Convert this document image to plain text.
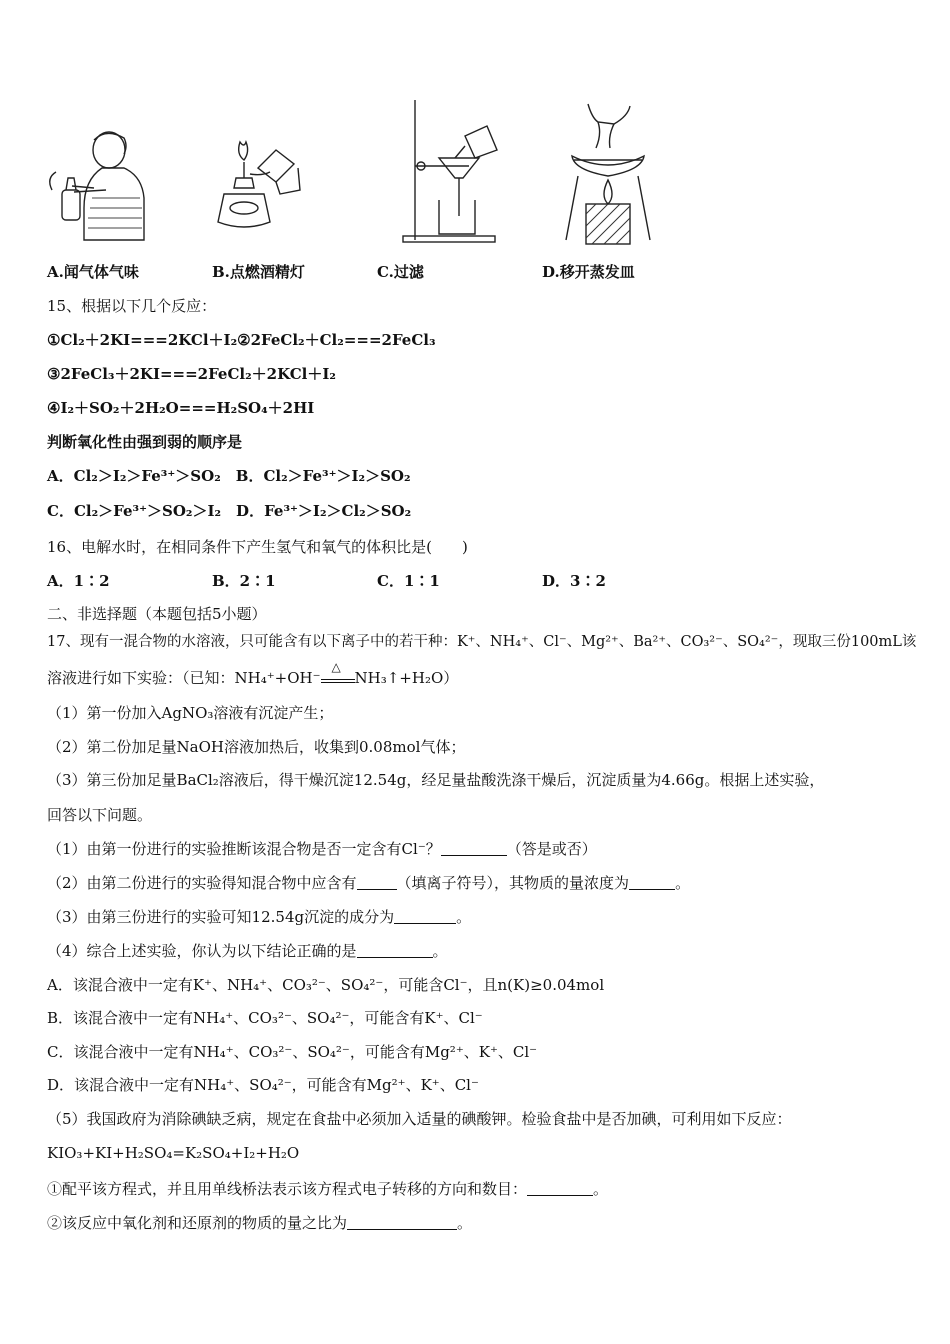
A.闻气体气味	B.点燃酒精灯	C.过滤	D.移开蒸发皿
15、根据以下几个反应：
①Cl₂＋2KI===2KCl＋I₂②2FeCl₂＋Cl₂===2FeCl₃
③2FeCl₃＋2KI===2FeCl₂＋2KCl＋I₂
④I₂＋SO₂＋2H₂O===H₂SO₄＋2HI
判断氧化性由强到弱的顺序是
A．Cl₂＞I₂＞Fe³⁺＞SO₂　B．Cl₂＞Fe³⁺＞I₂＞SO₂
C．Cl₂＞Fe³⁺＞SO₂＞I₂　D．Fe³⁺＞I₂＞Cl₂＞SO₂
16、电解水时，在相同条件下产生氢气和氧气的体积比是(　　)
A．1∶2	B．2∶1	C．1∶1	D．3∶2
二、非选择题（本题包括5小题）
17、现有一混合物的水溶液，只可能含有以下离子中的若干种：K⁺、NH₄⁺、Cl⁻、Mg²⁺、Ba²⁺、CO₃²⁻、SO₄²⁻，现取三份100mL该
溶液进行如下实验：（已知：NH₄⁺+OH⁻
△
NH₃↑+H₂O）
（1）第一份加入AgNO₃溶液有沉淀产生；
（2）第二份加足量NaOH溶液加热后，收集到0.08mol气体；
（3）第三份加足量BaCl₂溶液后，得干燥沉淀12.54g，经足量盐酸洗涤干燥后，沉淀质量为4.66g。根据上述实验，
回答以下问题。
（1）由第一份进行的实验推断该混合物是否一定含有Cl⁻？	（答是或否）
（2）由第二份进行的实验得知混合物中应含有	（填离子符号），其物质的量浓度为	。
（3）由第三份进行的实验可知12.54g沉淀的成分为	。
（4）综合上述实验，你认为以下结论正确的是	。
A．该混合液中一定有K⁺、NH₄⁺、CO₃²⁻、SO₄²⁻，可能含Cl⁻，且n(K)≥0.04mol
B．该混合液中一定有NH₄⁺、CO₃²⁻、SO₄²⁻，可能含有K⁺、Cl⁻
C．该混合液中一定有NH₄⁺、CO₃²⁻、SO₄²⁻，可能含有Mg²⁺、K⁺、Cl⁻
D．该混合液中一定有NH₄⁺、SO₄²⁻，可能含有Mg²⁺、K⁺、Cl⁻
（5）我国政府为消除碘缺乏病，规定在食盐中必须加入适量的碘酸钾。检验食盐中是否加碘，可利用如下反应：
KIO₃+KI+H₂SO₄=K₂SO₄+I₂+H₂O
①配平该方程式，并且用单线桥法表示该方程式电子转移的方向和数目：	。
②该反应中氧化剂和还原剂的物质的量之比为	。
